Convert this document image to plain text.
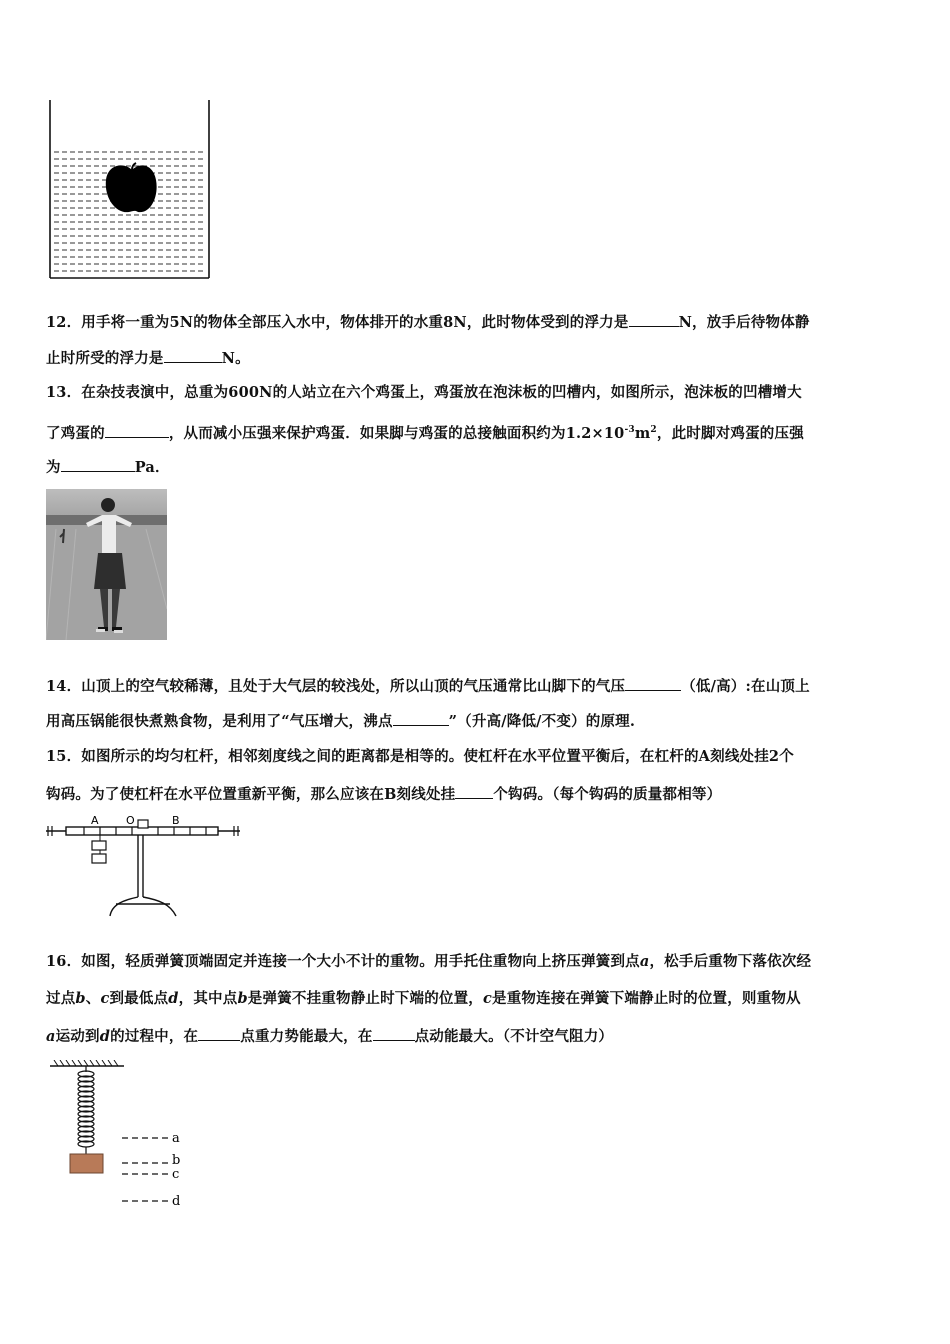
12．用手将一重为5N的物体全部压入水中，物体排开的水重8N，此时物体受到的浮力是	N，放手后待物体静
止时所受的浮力是	N。
13．在杂技表演中，总重为600N的人站立在六个鸡蛋上，鸡蛋放在泡沫板的凹槽内，如图所示，泡沫板的凹槽增大
了鸡蛋的	，从而减小压强来保护鸡蛋．如果脚与鸡蛋的总接触面积约为$1.2\times 10^{-3}m^2$，此时脚对鸡蛋的压强
为	Pa．
14．山顶上的空气较稀薄，且处于大气层的较浅处，所以山顶的气压通常比山脚下的气压	（低/高）:在山顶上
用高压锅能很快煮熟食物，是利用了“气压增大，沸点	”（升高/降低/不变）的原理.
15．如图所示的均匀杠杆，相邻刻度线之间的距离都是相等的。使杠杆在水平位置平衡后，在杠杆的A刻线处挂2个
钩码。为了使杠杆在水平位置重新平衡，那么应该在B刻线处挂	个钩码。（每个钩码的质量都相等）
A O	B
16．如图，轻质弹簧顶端固定并连接一个大小不计的重物。用手托住重物向上挤压弹簧到点a，松手后重物下落依次经
过点b、c到最低点d，其中点b是弹簧不挂重物静止时下端的位置，c是重物连接在弹簧下端静止时的位置，则重物从
a运动到d的过程中，在	点重力势能最大，在	点动能最大。（不计空气阻力）
a
b
c
d
